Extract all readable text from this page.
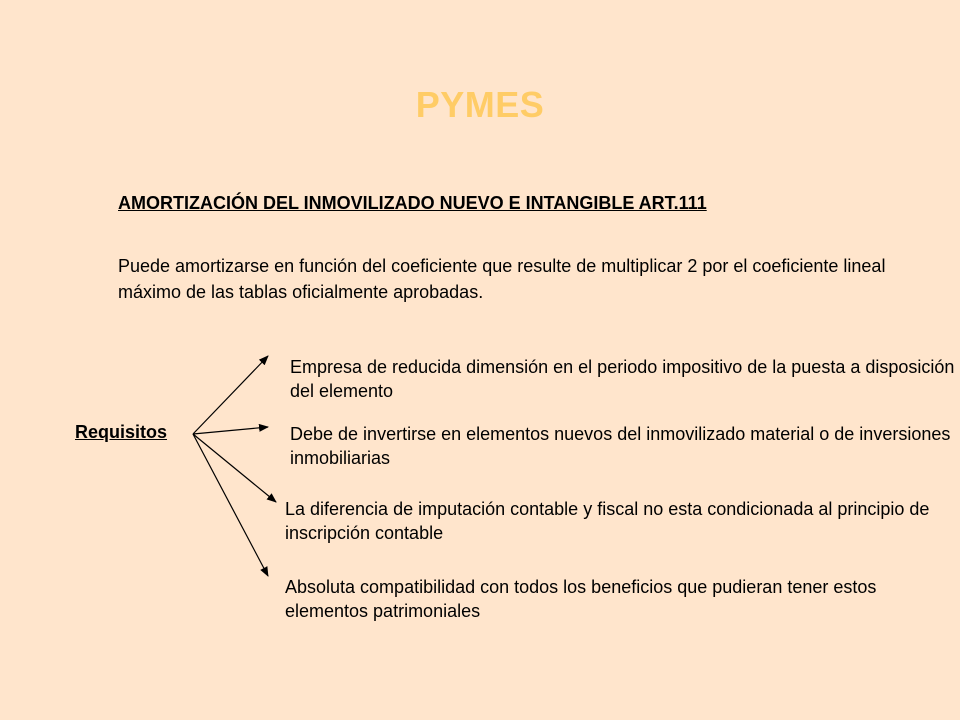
PYMES
AMORTIZACIÓN DEL INMOVILIZADO NUEVO E INTANGIBLE ART.111
Puede amortizarse en función del coeficiente que resulte de multiplicar 2 por el coeficiente lineal máximo de las tablas oficialmente aprobadas.
Requisitos
Empresa de reducida dimensión en el periodo impositivo de la puesta a disposición del elemento
Debe de invertirse en elementos nuevos del inmovilizado material o de inversiones inmobiliarias
La diferencia de imputación contable y fiscal no esta condicionada al principio de inscripción contable
Absoluta compatibilidad con todos los beneficios que pudieran tener estos elementos patrimoniales
